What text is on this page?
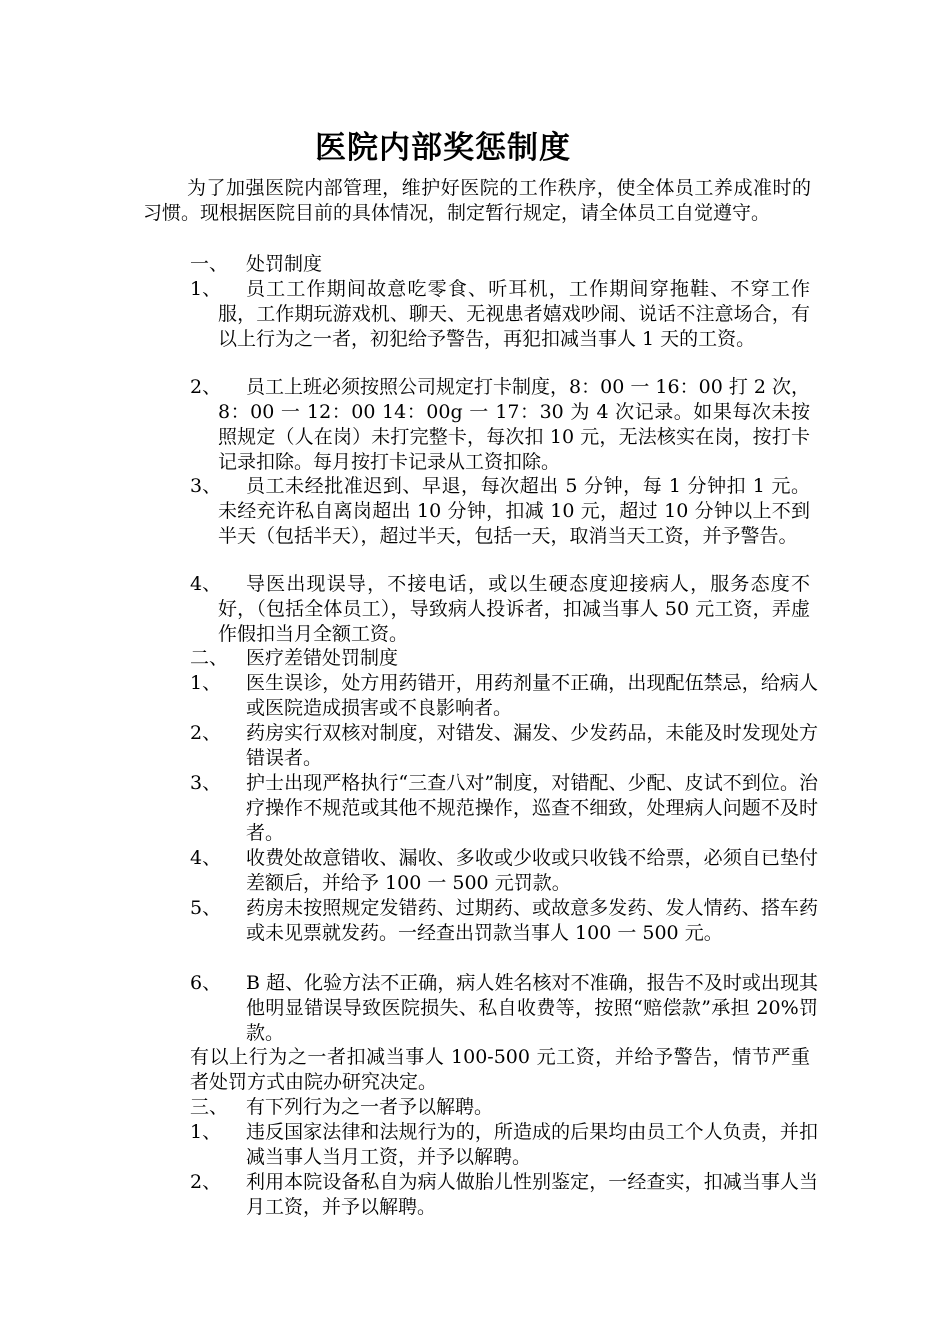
医院内部奖惩制度
为了加强医院内部管理，维护好医院的工作秩序，使全体员工养成准时的习惯。现根据医院目前的具体情况，制定暂行规定，请全体员工自觉遵守。
一、 处罚制度
1、	员工工作期间故意吃零食、听耳机，工作期间穿拖鞋、不穿工作服，工作期玩游戏机、聊天、无视患者嬉戏吵闹、说话不注意场合，有以上行为之一者，初犯给予警告，再犯扣减当事人 1 天的工资。
2、	员工上班必须按照公司规定打卡制度，8：00 一 16：00 打 2 次，8：00 一 12：00 14：00g 一 17：30 为 4 次记录。如果每次未按照规定（人在岗）未打完整卡，每次扣 10 元，无法核实在岗，按打卡记录扣除。每月按打卡记录从工资扣除。
3、	员工未经批准迟到、早退，每次超出 5 分钟，每 1 分钟扣 1 元。未经充许私自离岗超出 10 分钟，扣减 10 元，超过 10 分钟以上不到半天（包括半天），超过半天，包括一天，取消当天工资，并予警告。
4、	导医出现误导，不接电话，或以生硬态度迎接病人，服务态度不好，（包括全体员工），导致病人投诉者，扣减当事人 50 元工资，弄虚作假扣当月全额工资。
二、 医疗差错处罚制度
1、 医生误诊，处方用药错开，用药剂量不正确，出现配伍禁忌，给病人或医院造成损害或不良影响者。
2、 药房实行双核对制度，对错发、漏发、少发药品，未能及时发现处方错误者。
3、 护士出现严格执行“三查八对”制度，对错配、少配、皮试不到位。治疗操作不规范或其他不规范操作，巡查不细致，处理病人问题不及时者。
4、 收费处故意错收、漏收、多收或少收或只收钱不给票，必须自已垫付差额后，并给予 100 一 500 元罚款。
5、 药房未按照规定发错药、过期药、或故意多发药、发人情药、搭车药或未见票就发药。一经查出罚款当事人 100 一 500 元。
6、 B 超、化验方法不正确，病人姓名核对不准确，报告不及时或出现其他明显错误导致医院损失、私自收费等，按照“赔偿款”承担 20%罚款。
有以上行为之一者扣减当事人 100-500 元工资，并给予警告，情节严重者处罚方式由院办研究决定。
三、 有下列行为之一者予以解聘。
1、 违反国家法律和法规行为的，所造成的后果均由员工个人负责，并扣减当事人当月工资，并予以解聘。
2、 利用本院设备私自为病人做胎儿性别鉴定，一经查实，扣减当事人当月工资，并予以解聘。
